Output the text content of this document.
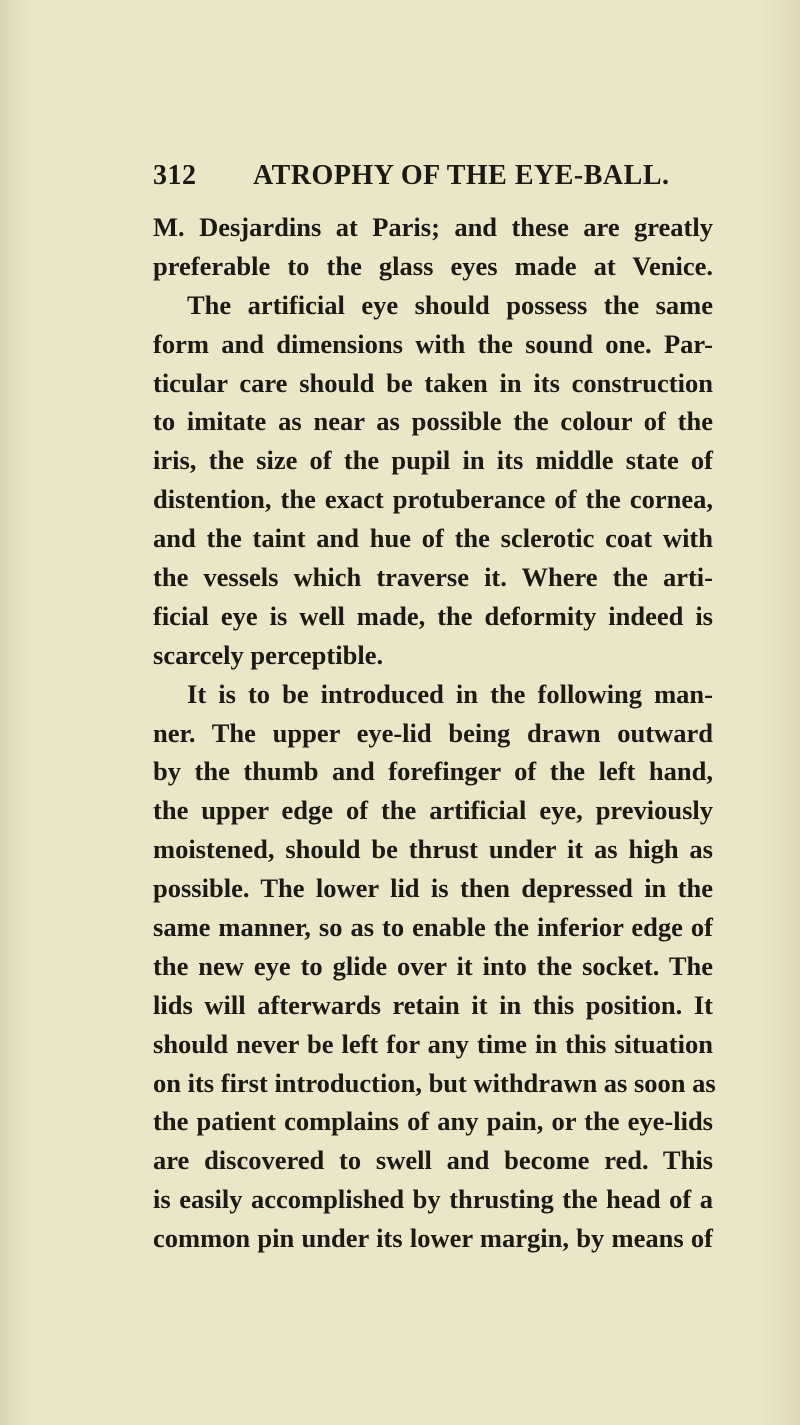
312 ATROPHY OF THE EYE-BALL.
M. Desjardins at Paris; and these are greatly
preferable to the glass eyes made at Venice.
The artificial eye should possess the same
form and dimensions with the sound one. Par-
ticular care should be taken in its construction
to imitate as near as possible the colour of the
iris, the size of the pupil in its middle state of
distention, the exact protuberance of the cornea,
and the taint and hue of the sclerotic coat with
the vessels which traverse it. Where the arti-
ficial eye is well made, the deformity indeed is
scarcely perceptible.
It is to be introduced in the following man-
ner. The upper eye-lid being drawn outward
by the thumb and forefinger of the left hand,
the upper edge of the artificial eye, previously
moistened, should be thrust under it as high as
possible. The lower lid is then depressed in the
same manner, so as to enable the inferior edge of
the new eye to glide over it into the socket. The
lids will afterwards retain it in this position. It
should never be left for any time in this situation
on its first introduction, but withdrawn as soon as
the patient complains of any pain, or the eye-lids
are discovered to swell and become red. This
is easily accomplished by thrusting the head of a
common pin under its lower margin, by means of
